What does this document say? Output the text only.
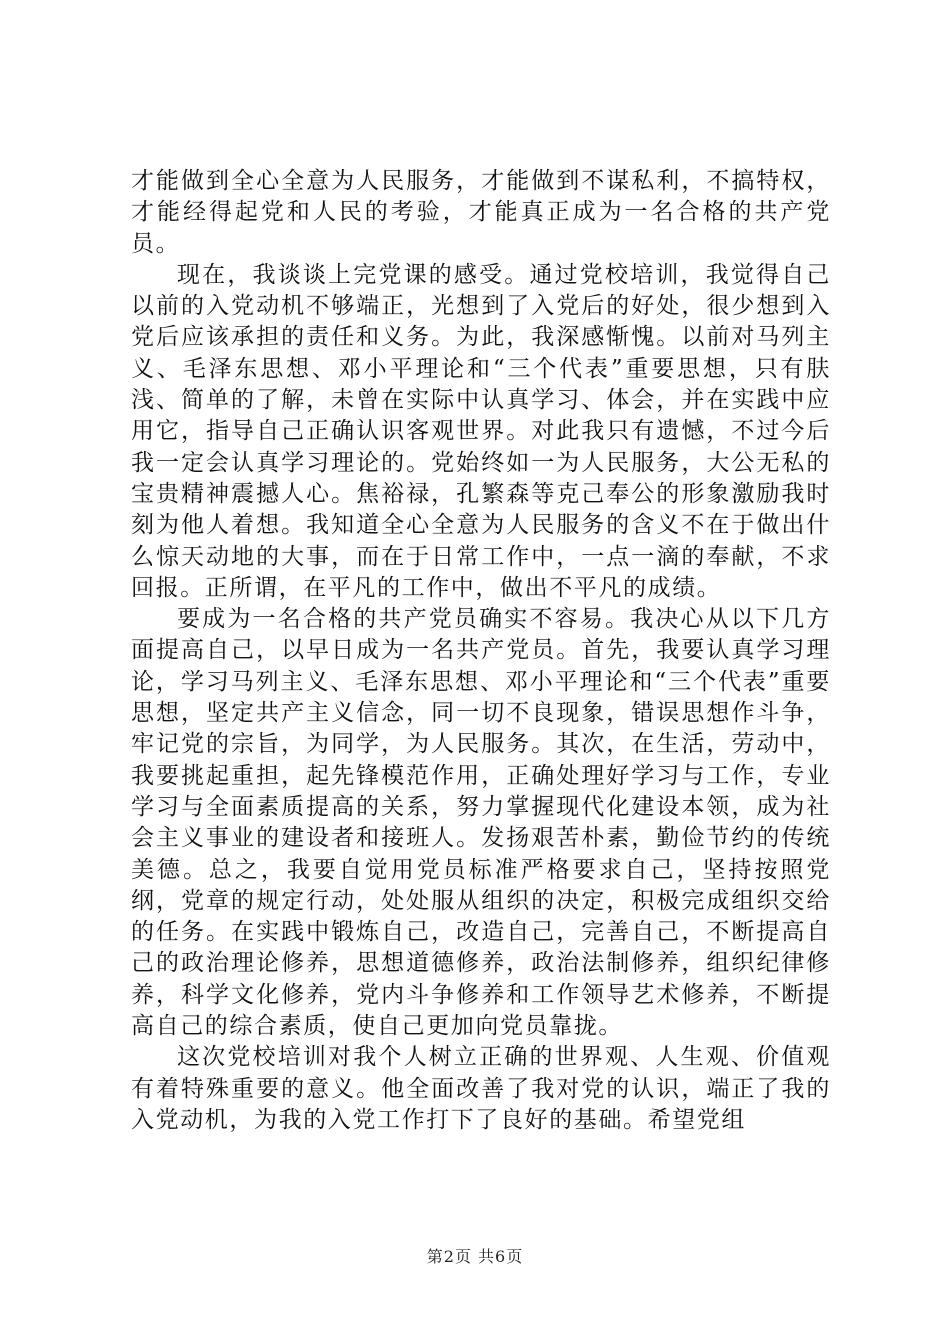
才能做到全心全意为人民服务，才能做到不谋私利，不搞特权，才能经得起党和人民的考验，才能真正成为一名合格的共产党员。

现在，我谈谈上完党课的感受。通过党校培训，我觉得自己以前的入党动机不够端正，光想到了入党后的好处，很少想到入党后应该承担的责任和义务。为此，我深感惭愧。以前对马列主义、毛泽东思想、邓小平理论和“三个代表”重要思想，只有肤浅、简单的了解，未曾在实际中认真学习、体会，并在实践中应用它，指导自己正确认识客观世界。对此我只有遗憾，不过今后我一定会认真学习理论的。党始终如一为人民服务，大公无私的宝贵精神震撼人心。焦裕禄，孔繁森等克己奉公的形象激励我时刻为他人着想。我知道全心全意为人民服务的含义不在于做出什么惊天动地的大事，而在于日常工作中，一点一滴的奉献，不求回报。正所谓，在平凡的工作中，做出不平凡的成绩。

要成为一名合格的共产党员确实不容易。我决心从以下几方面提高自己，以早日成为一名共产党员。首先，我要认真学习理论，学习马列主义、毛泽东思想、邓小平理论和“三个代表”重要思想，坚定共产主义信念，同一切不良现象，错误思想作斗争，牢记党的宗旨，为同学，为人民服务。其次，在生活，劳动中，我要挑起重担，起先锋模范作用，正确处理好学习与工作，专业学习与全面素质提高的关系，努力掌握现代化建设本领，成为社会主义事业的建设者和接班人。发扬艰苦朴素，勤俭节约的传统美德。总之，我要自觉用党员标准严格要求自己，坚持按照党纲，党章的规定行动，处处服从组织的决定，积极完成组织交给的任务。在实践中锻炼自己，改造自己，完善自己，不断提高自己的政治理论修养，思想道德修养，政治法制修养，组织纪律修养，科学文化修养，党内斗争修养和工作领导艺术修养，不断提高自己的综合素质，使自己更加向党员靠拢。

这次党校培训对我个人树立正确的世界观、人生观、价值观有着特殊重要的意义。他全面改善了我对党的认识，端正了我的入党动机，为我的入党工作打下了良好的基础。希望党组

第2页 共6页
